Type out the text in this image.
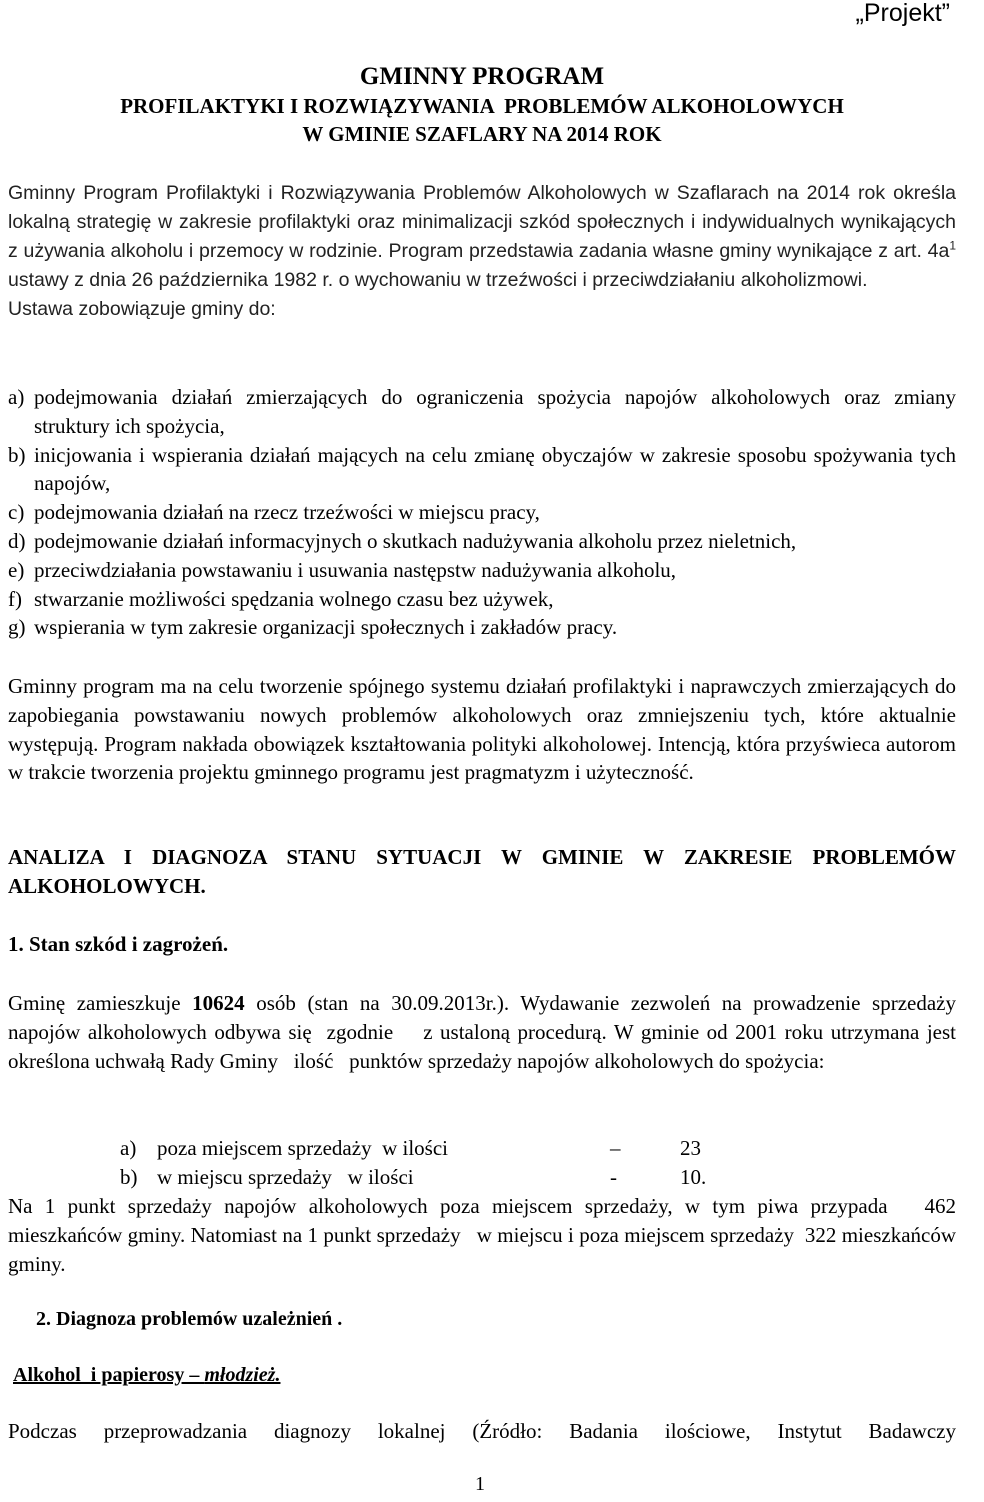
„Projekt”
GMINNY PROGRAM
PROFILAKTYKI I ROZWIĄZYWANIA  PROBLEMÓW ALKOHOLOWYCH
W GMINIE SZAFLARY NA 2014 ROK
Gminny Program Profilaktyki i Rozwiązywania Problemów Alkoholowych w Szaflarach na 2014 rok określa lokalną strategię w zakresie profilaktyki oraz minimalizacji szkód społecznych i indywidualnych wynikających z używania alkoholu i przemocy w rodzinie. Program przedstawia zadania własne gminy wynikające z art. $4a^1$ ustawy z dnia 26 października 1982 r. o wychowaniu w trzeźwości i przeciwdziałaniu alkoholizmowi.
Ustawa zobowiązuje gminy do:
a) podejmowania działań zmierzających do ograniczenia spożycia napojów alkoholowych oraz zmiany struktury ich spożycia,
b) inicjowania i wspierania działań mających na celu zmianę obyczajów w zakresie sposobu spożywania tych napojów,
c) podejmowania działań na rzecz trzeźwości w miejscu pracy,
d) podejmowanie działań informacyjnych o skutkach nadużywania alkoholu przez nieletnich,
e) przeciwdziałania powstawaniu i usuwania następstw nadużywania alkoholu,
f) stwarzanie możliwości spędzania wolnego czasu bez używek,
g) wspierania w tym zakresie organizacji społecznych i zakładów pracy.
Gminny program ma na celu tworzenie spójnego systemu działań profilaktyki i naprawczych zmierzających do zapobiegania powstawaniu nowych problemów alkoholowych oraz zmniejszeniu tych, które aktualnie występują. Program nakłada obowiązek kształtowania polityki alkoholowej. Intencją, która przyświeca autorom w trakcie tworzenia projektu gminnego programu jest pragmatyzm i użyteczność.
ANALIZA I DIAGNOZA STANU SYTUACJI W GMINIE W ZAKRESIE PROBLEMÓW ALKOHOLOWYCH.
1. Stan szkód i zagrożeń.
Gminę zamieszkuje 10624 osób (stan na 30.09.2013r.). Wydawanie zezwoleń na prowadzenie sprzedaży napojów alkoholowych odbywa się  zgodnie    z ustaloną procedurą. W gminie od 2001 roku utrzymana jest   określona uchwałą Rady Gminy   ilość   punktów sprzedaży napojów alkoholowych do spożycia:
a) poza miejscem sprzedaży  w ilości	–	23
b) w miejscu sprzedaży   w ilości	-	10.
Na 1 punkt sprzedaży napojów alkoholowych poza miejscem sprzedaży, w tym piwa przypada   462 mieszkańców gminy. Natomiast na 1 punkt sprzedaży   w miejscu i poza miejscem sprzedaży  322 mieszkańców gminy.
2. Diagnoza problemów uzależnień .
Alkohol  i papierosy – młodzież.
Podczas przeprowadzania diagnozy lokalnej (Źródło: Badania ilościowe, Instytut Badawczy
1
